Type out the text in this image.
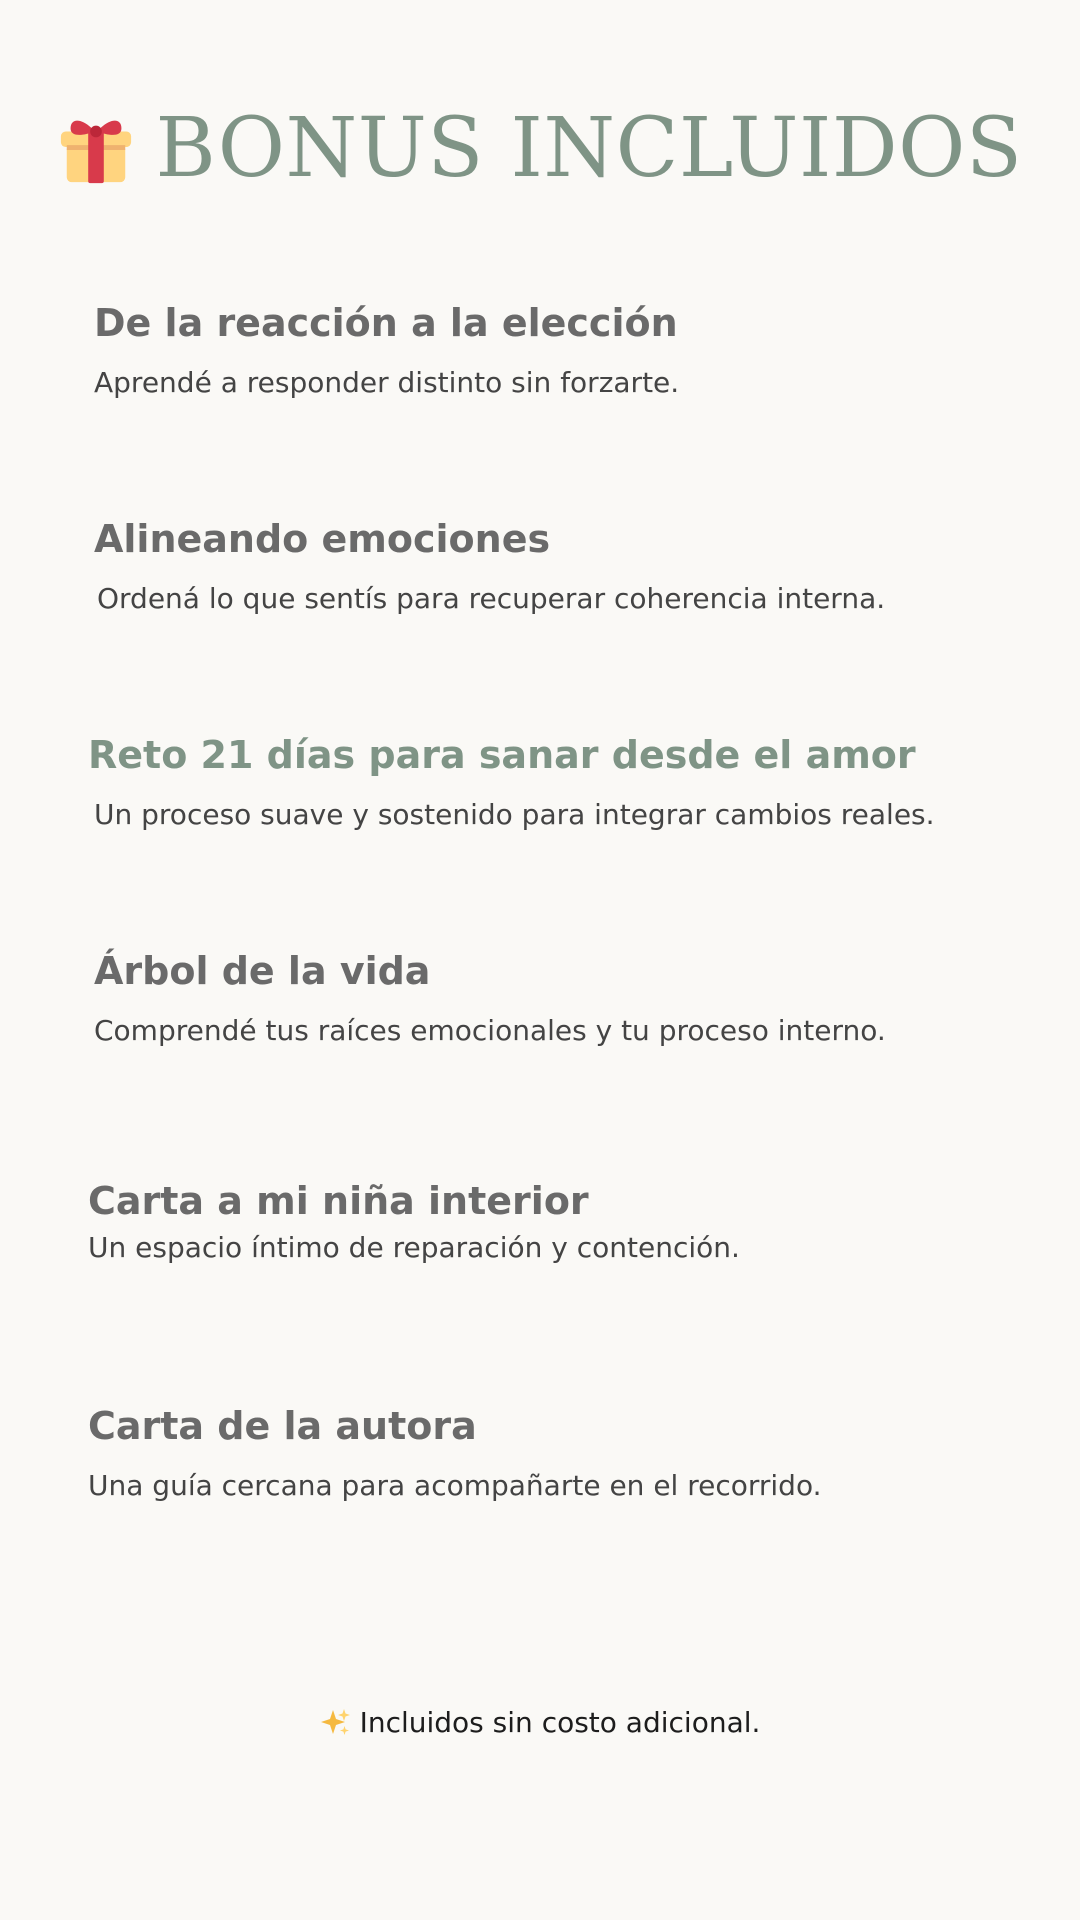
BONUS INCLUIDOS
De la reacción a la elección

Aprendé a responder distinto sin forzarte.

Alineando emociones

Ordená lo que sentís para recuperar coherencia interna.

Reto 21 días para sanar desde el amor

Un proceso suave y sostenido para integrar cambios reales.

Árbol de la vida

Comprendé tus raíces emocionales y tu proceso interno.

Carta a mi niña interior

Un espacio íntimo de reparación y contención.

Carta de la autora

Una guía cercana para acompañarte en el recorrido.

Incluidos sin costo adicional.
